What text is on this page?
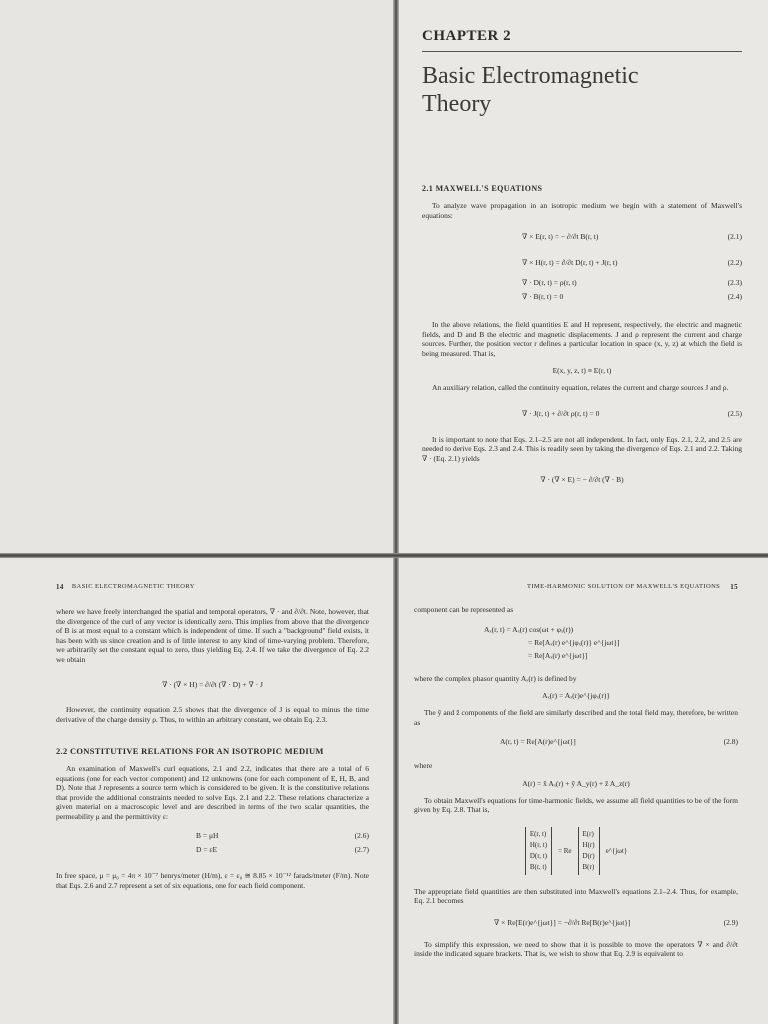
CHAPTER 2
Basic Electromagnetic
Theory
2.1 MAXWELL'S EQUATIONS
To analyze wave propagation in an isotropic medium we begin with a statement of Maxwell's equations:
∇ × E(r, t) = − ∂/∂t B(r, t)	(2.1)
∇ × H(r, t) = ∂/∂t D(r, t) + J(r, t)	(2.2)
∇ · D(r, t) = ρ(r, t)	(2.3)
∇ · B(r, t) = 0	(2.4)
In the above relations, the field quantities E and H represent, respectively, the electric and magnetic fields, and D and B the electric and magnetic displacements. J and ρ represent the current and charge sources. Further, the position vector r defines a particular location in space (x, y, z) at which the field is being measured. That is,
E(x, y, z, t) ≡ E(r, t)
An auxiliary relation, called the continuity equation, relates the current and charge sources J and ρ.
∇ · J(r, t) + ∂/∂t ρ(r, t) = 0	(2.5)
It is important to note that Eqs. 2.1–2.5 are not all independent. In fact, only Eqs. 2.1, 2.2, and 2.5 are needed to derive Eqs. 2.3 and 2.4. This is readily seen by taking the divergence of Eqs. 2.1 and 2.2. Taking ∇ · (Eq. 2.1) yields
∇ · (∇ × E) = − ∂/∂t (∇ · B)
14 BASIC ELECTROMAGNETIC THEORY
where we have freely interchanged the spatial and temporal operators, ∇ · and ∂/∂t. Note, however, that the divergence of the curl of any vector is identically zero. This implies from above that the divergence of B is at most equal to a constant which is independent of time. If such a "background" field exists, it has been with us since creation and is of little interest to any kind of time-varying problem. Therefore, we arbitrarily set the constant equal to zero, thus yielding Eq. 2.4. If we take the divergence of Eq. 2.2 we obtain
∇ · (∇ × H) = ∂/∂t (∇ · D) + ∇ · J
However, the continuity equation 2.5 shows that the divergence of J is equal to minus the time derivative of the charge density ρ. Thus, to within an arbitrary constant, we obtain Eq. 2.3.
2.2 CONSTITUTIVE RELATIONS FOR AN ISOTROPIC MEDIUM
An examination of Maxwell's curl equations, 2.1 and 2.2, indicates that there are a total of 6 equations (one for each vector component) and 12 unknowns (one for each component of E, H, B, and D). Note that J represents a source term which is considered to be given. It is the constitutive relations that provide the additional constraints needed to solve Eqs. 2.1 and 2.2. These relations characterize a given material on a macroscopic level and are described in terms of the two scalar quantities, the permeability μ and the permittivity ε:
B = μH	(2.6)
D = εE	(2.7)
In free space, μ = μ₀ = 4π × 10⁻⁷ henrys/meter (H/m), ε = ε₀ ≅ 8.85 × 10⁻¹² farads/meter (F/m). Note that Eqs. 2.6 and 2.7 represent a set of six equations, one for each field component.
TIME-HARMONIC SOLUTION OF MAXWELL'S EQUATIONS 15
component can be represented as
Aₓ(r, t) = Aₓ(r) cos(ωt + φₓ(r))
= Re[Aₓ(r) e^{jφₓ(r)} e^{jωt}]
= Re[Aₓ(r) e^{jωt}]
where the complex phasor quantity Aₓ(r) is defined by
Aₓ(r) = Aₓ(r)e^{jφₓ(r)}
The ŷ and ẑ components of the field are similarly described and the total field may, therefore, be written as
A(r, t) = Re[A(r)e^{jωt}]	(2.8)
where
A(r) = x̂ Aₓ(r) + ŷ A_y(r) + ẑ A_z(r)
To obtain Maxwell's equations for time-harmonic fields, we assume all field quantities to be of the form given by Eq. 2.8. That is,
E(r, t)
H(r, t)
D(r, t)
B(r, t)
= Re
E(r)
H(r)
D(r)
B(r)
e^{jωt}
The appropriate field quantities are then substituted into Maxwell's equations 2.1–2.4. Thus, for example, Eq. 2.1 becomes
∇ × Re[E(r)e^{jωt}] = −∂/∂t Re[B(r)e^{jωt}]	(2.9)
To simplify this expression, we need to show that it is possible to move the operators ∇ × and ∂/∂t inside the indicated square brackets. That is, we wish to show that Eq. 2.9 is equivalent to
